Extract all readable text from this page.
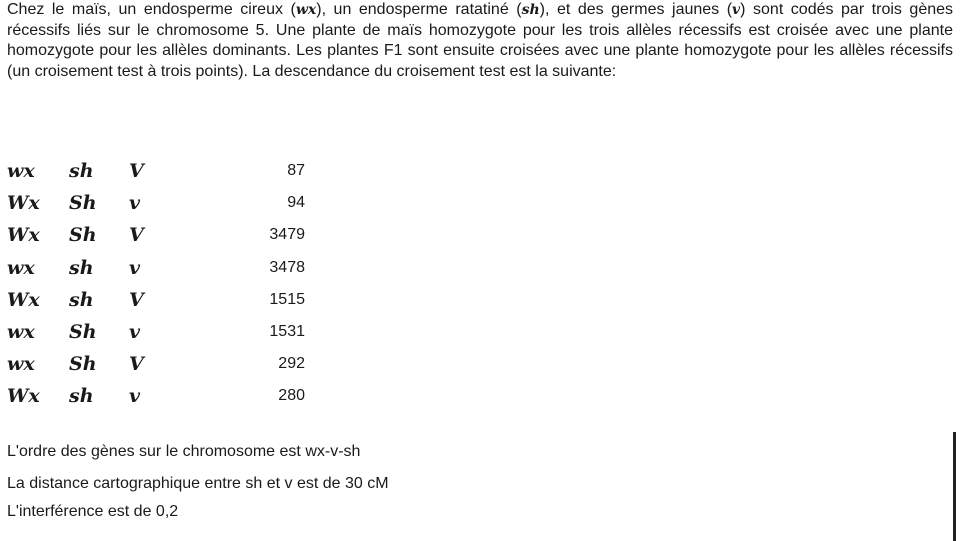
Chez le maïs, un endosperme cireux (wx), un endosperme ratatiné (sh), et des germes jaunes (v) sont codés par trois gènes récessifs liés sur le chromosome 5. Une plante de maïs homozygote pour les trois allèles récessifs est croisée avec une plante homozygote pour les allèles dominants. Les plantes F1 sont ensuite croisées avec une plante homozygote pour les allèles récessifs (un croisement test à trois points). La descendance du croisement test est la suivante:

wx sh V	87
Wx Sh v	94
Wx Sh V	3479
wx sh v	3478
Wx sh V	1515
wx Sh v	1531
wx Sh V	292
Wx sh v	280
L'ordre des gènes sur le chromosome est wx-v-sh
La distance cartographique entre sh et v est de 30 cM
L'interférence est de 0,2
